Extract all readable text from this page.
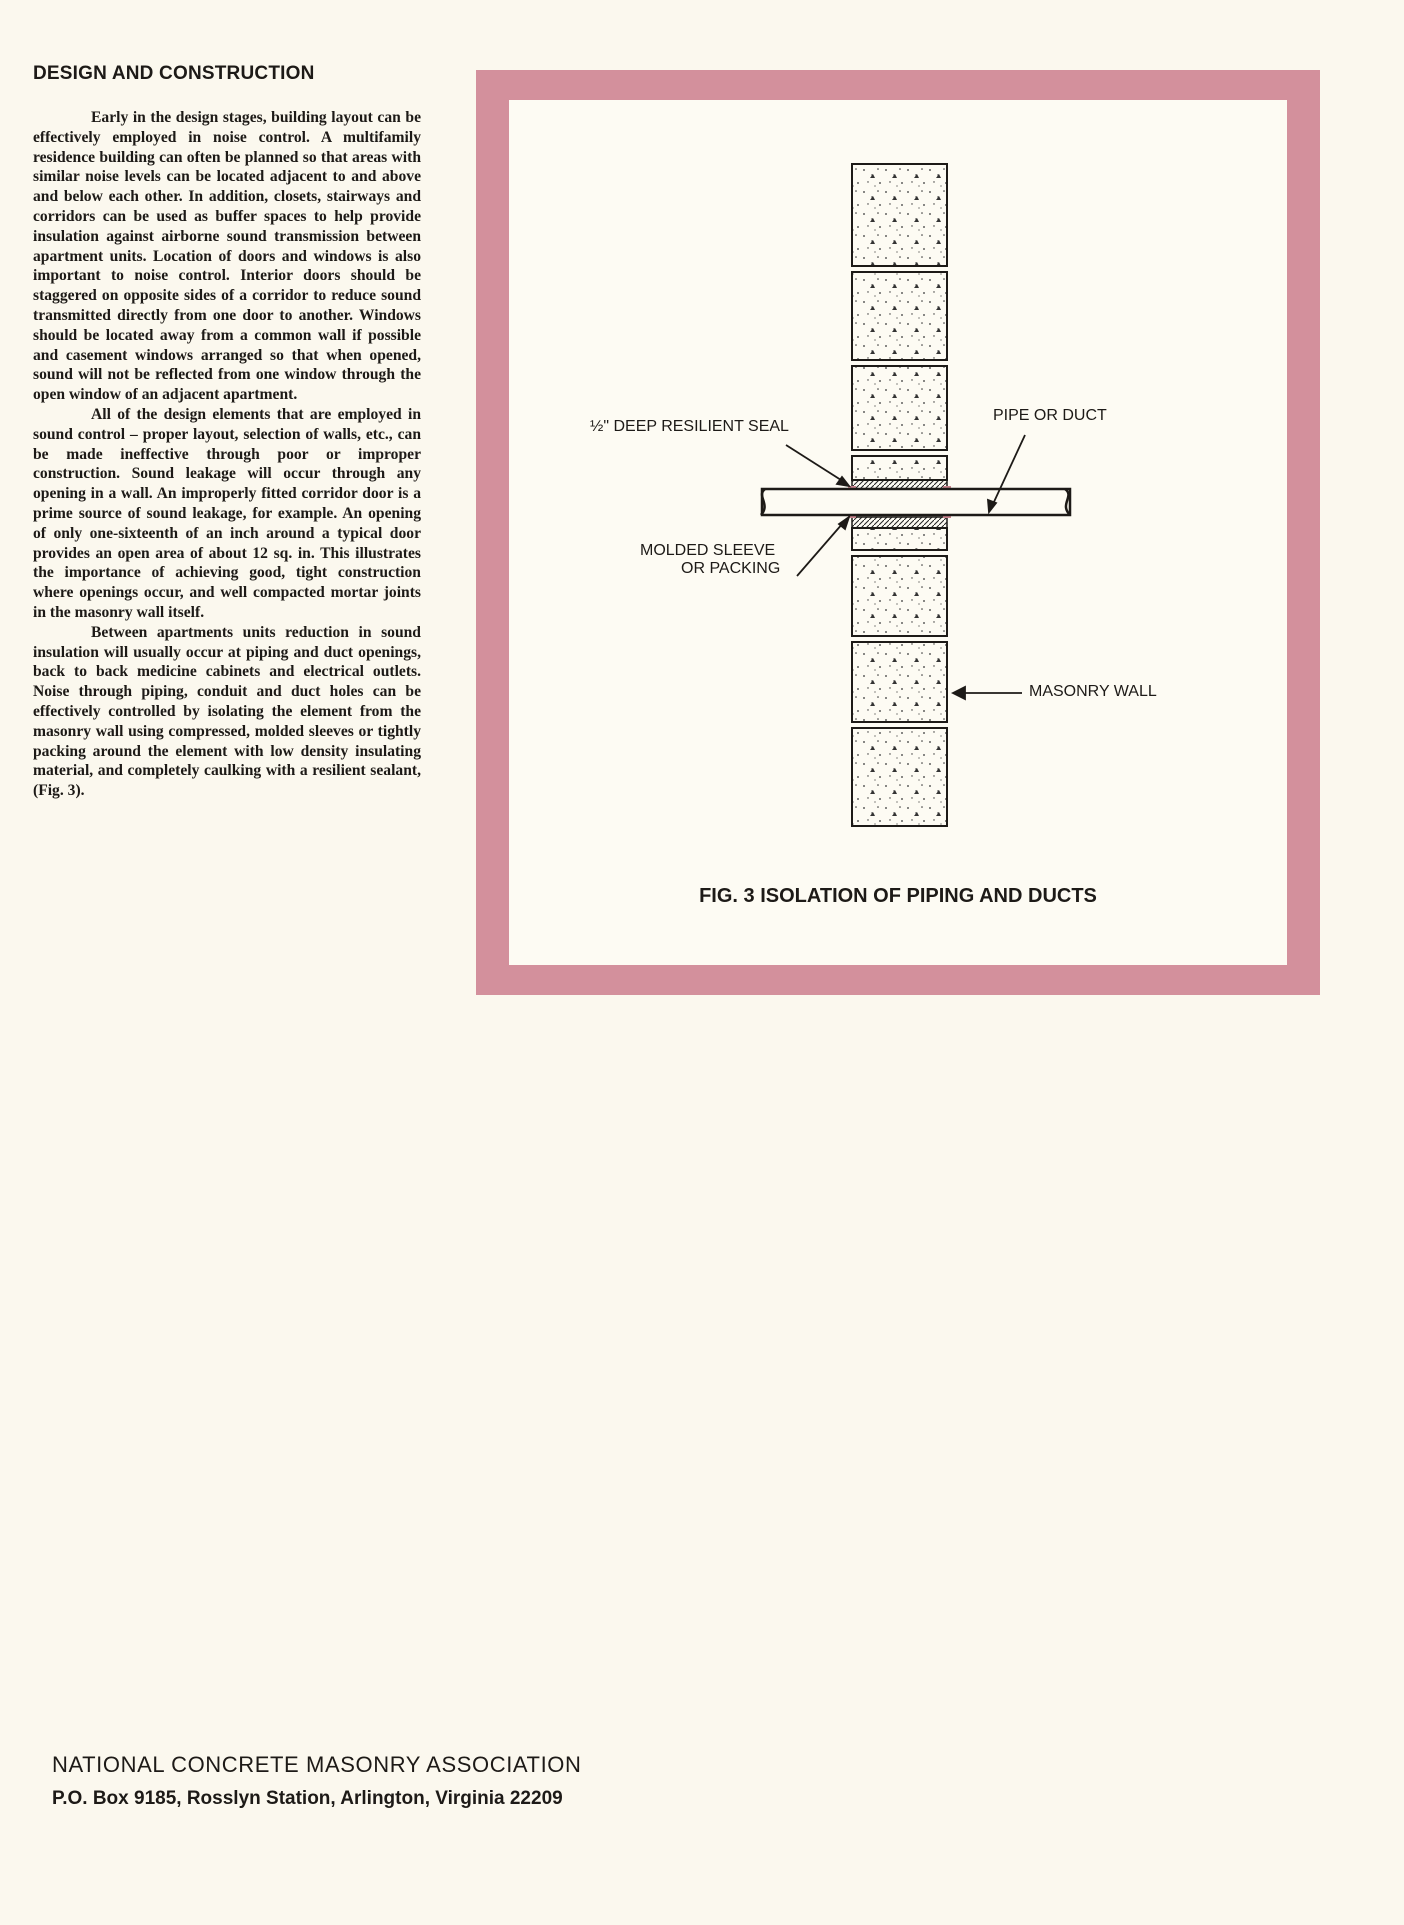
DESIGN AND CONSTRUCTION

Early in the design stages, building layout can be effectively employed in noise control. A multifamily residence building can often be planned so that areas with similar noise levels can be located adjacent to and above and below each other. In addition, closets, stairways and corridors can be used as buffer spaces to help provide insulation against airborne sound transmission between apartment units. Location of doors and windows is also important to noise control. Interior doors should be staggered on opposite sides of a corridor to reduce sound transmitted directly from one door to another. Windows should be located away from a common wall if possible and casement windows arranged so that when opened, sound will not be reflected from one window through the open window of an adjacent apartment.

All of the design elements that are employed in sound control – proper layout, selection of walls, etc., can be made ineffective through poor or improper construction. Sound leakage will occur through any opening in a wall. An improperly fitted corridor door is a prime source of sound leakage, for example. An opening of only one-sixteenth of an inch around a typical door provides an open area of about 12 sq. in. This illustrates the importance of achieving good, tight construction where openings occur, and well compacted mortar joints in the masonry wall itself.

Between apartments units reduction in sound insulation will usually occur at piping and duct openings, back to back medicine cabinets and electrical outlets. Noise through piping, conduit and duct holes can be effectively controlled by isolating the element from the masonry wall using compressed, molded sleeves or tightly packing around the element with low density insulating material, and completely caulking with a resilient sealant, (Fig. 3).

½" DEEP RESILIENT SEAL
PIPE OR DUCT
MOLDED SLEEVE
OR PACKING
MASONRY WALL
FIG. 3 ISOLATION OF PIPING AND DUCTS
NATIONAL CONCRETE MASONRY ASSOCIATION
P.O. Box 9185, Rosslyn Station, Arlington, Virginia 22209
